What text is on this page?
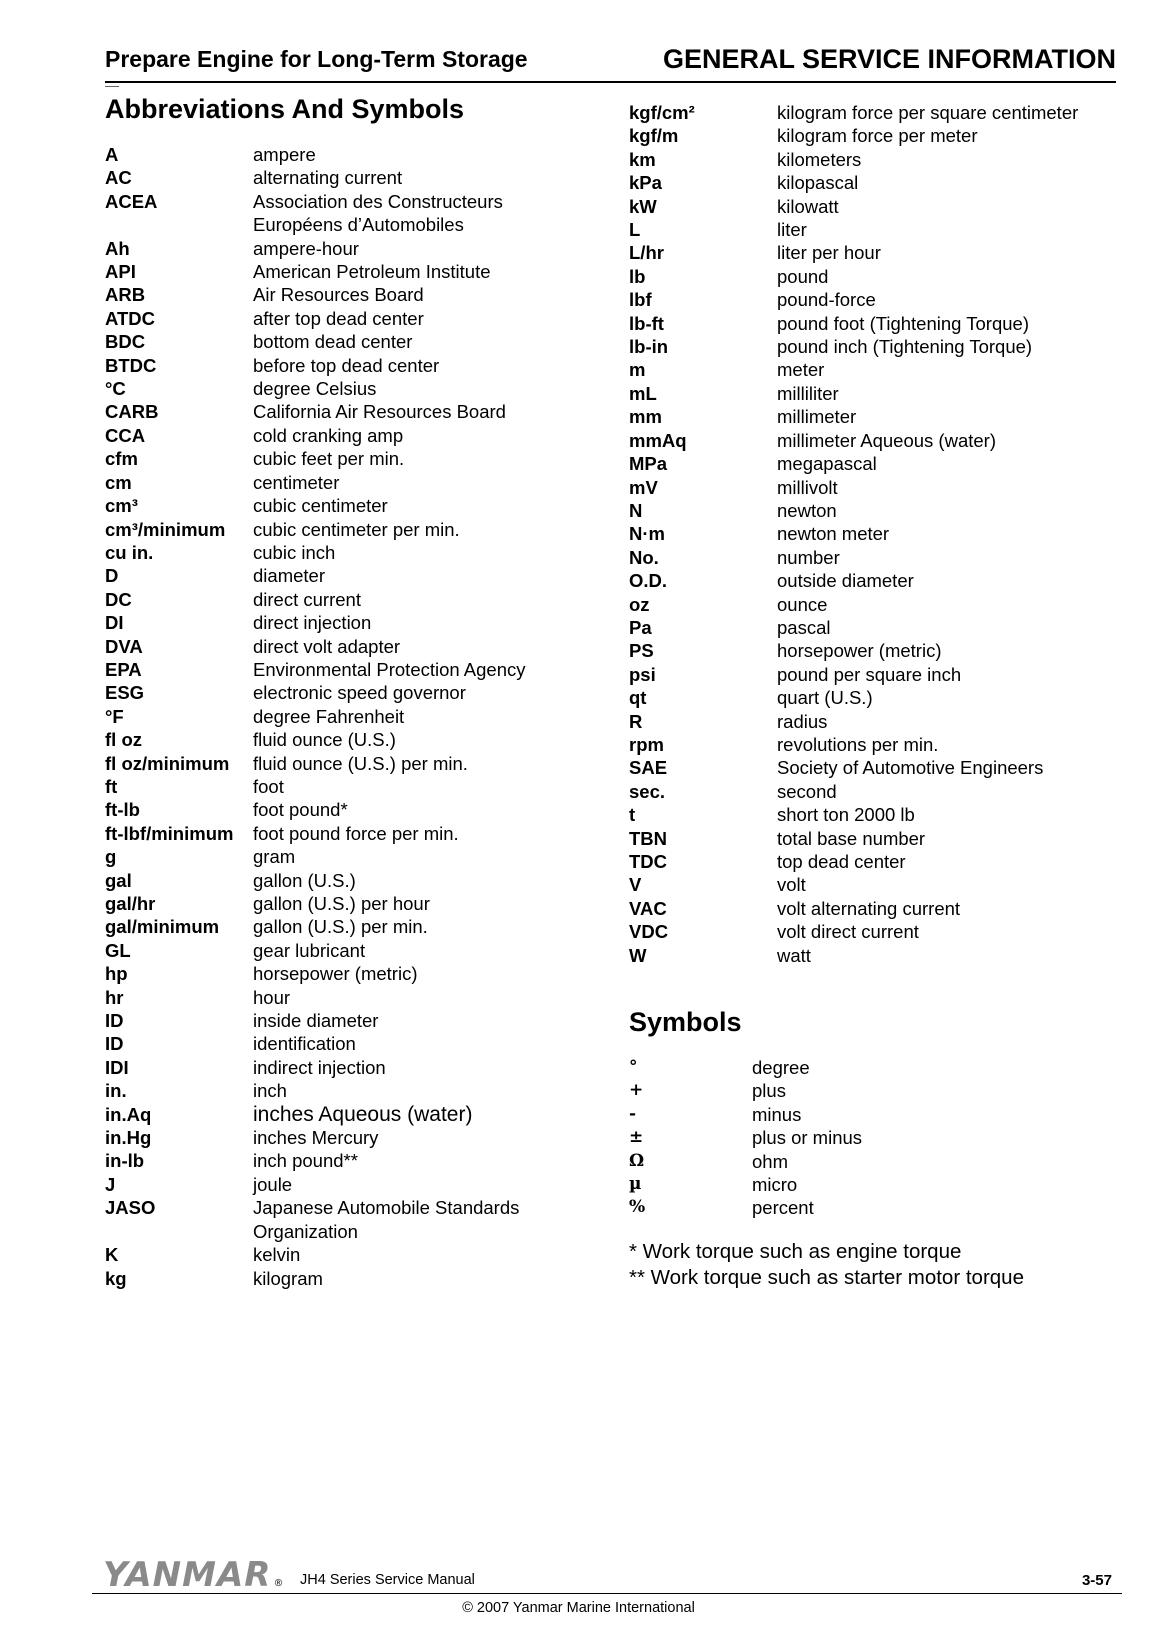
Prepare Engine for Long-Term Storage	GENERAL SERVICE INFORMATION
Abbreviations And Symbols
A	ampere
AC	alternating current
ACEA	Association des Constructeurs Européens d’Automobiles
Ah	ampere-hour
API	American Petroleum Institute
ARB	Air Resources Board
ATDC	after top dead center
BDC	bottom dead center
BTDC	before top dead center
°C	degree Celsius
CARB	California Air Resources Board
CCA	cold cranking amp
cfm	cubic feet per min.
cm	centimeter
cm³	cubic centimeter
cm³/minimum	cubic centimeter per min.
cu in.	cubic inch
D	diameter
DC	direct current
DI	direct injection
DVA	direct volt adapter
EPA	Environmental Protection Agency
ESG	electronic speed governor
°F	degree Fahrenheit
fl oz	fluid ounce (U.S.)
fl oz/minimum	fluid ounce (U.S.) per min.
ft	foot
ft-lb	foot pound*
ft-lbf/minimum	foot pound force per min.
g	gram
gal	gallon (U.S.)
gal/hr	gallon (U.S.) per hour
gal/minimum	gallon (U.S.) per min.
GL	gear lubricant
hp	horsepower (metric)
hr	hour
ID	inside diameter
ID	identification
IDI	indirect injection
in.	inch
in.Aq	inches Aqueous (water)
in.Hg	inches Mercury
in-lb	inch pound**
J	joule
JASO	Japanese Automobile Standards Organization
K	kelvin
kg	kilogram
kgf/cm²	kilogram force per square centimeter
kgf/m	kilogram force per meter
km	kilometers
kPa	kilopascal
kW	kilowatt
L	liter
L/hr	liter per hour
lb	pound
lbf	pound-force
lb-ft	pound foot (Tightening Torque)
lb-in	pound inch (Tightening Torque)
m	meter
mL	milliliter
mm	millimeter
mmAq	millimeter Aqueous (water)
MPa	megapascal
mV	millivolt
N	newton
N·m	newton meter
No.	number
O.D.	outside diameter
oz	ounce
Pa	pascal
PS	horsepower (metric)
psi	pound per square inch
qt	quart (U.S.)
R	radius
rpm	revolutions per min.
SAE	Society of Automotive Engineers
sec.	second
t	short ton 2000 lb
TBN	total base number
TDC	top dead center
V	volt
VAC	volt alternating current
VDC	volt direct current
W	watt
Symbols
°	degree
+	plus
-	minus
±	plus or minus
Ω	ohm
µ	micro
%	percent
* Work torque such as engine torque
** Work torque such as starter motor torque
YANMAR ® JH4 Series Service Manual	3-57
© 2007 Yanmar Marine International
